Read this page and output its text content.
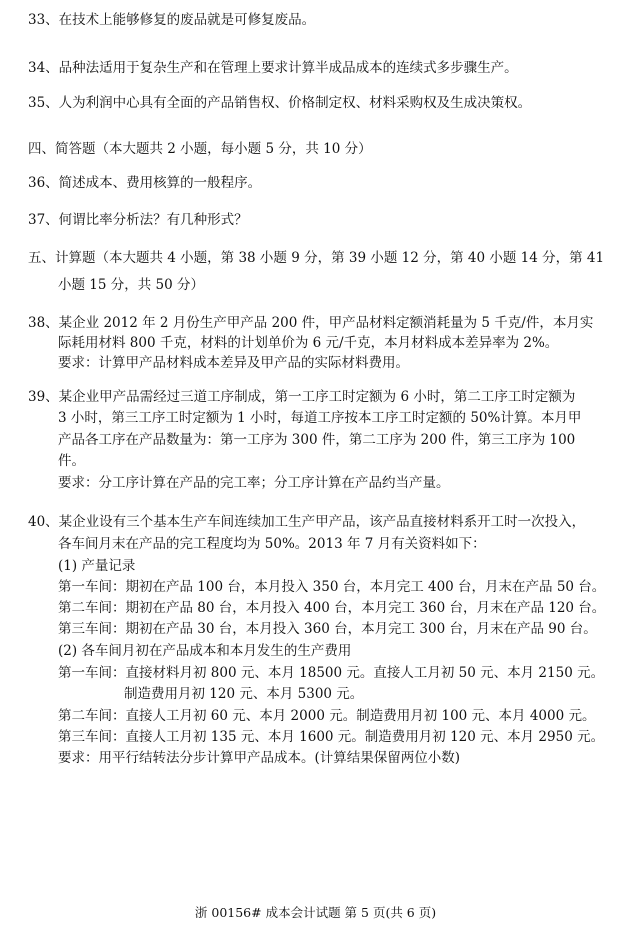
33、在技术上能够修复的废品就是可修复废品。
34、品种法适用于复杂生产和在管理上要求计算半成品成本的连续式多步骤生产。
35、人为利润中心具有全面的产品销售权、价格制定权、材料采购权及生成决策权。
四、简答题（本大题共 2 小题，每小题 5 分，共 10 分）
36、简述成本、费用核算的一般程序。
37、何谓比率分析法？有几种形式？
五、计算题（本大题共 4 小题，第 38 小题 9 分，第 39 小题 12 分，第 40 小题 14 分，第 41
小题 15 分，共 50 分）
38、某企业 2012 年 2 月份生产甲产品 200 件，甲产品材料定额消耗量为 5 千克/件，本月实
际耗用材料 800 千克，材料的计划单价为 6 元/千克，本月材料成本差异率为 2%。
要求：计算甲产品材料成本差异及甲产品的实际材料费用。
39、某企业甲产品需经过三道工序制成，第一工序工时定额为 6 小时，第二工序工时定额为
3 小时，第三工序工时定额为 1 小时，每道工序按本工序工时定额的 50%计算。本月甲
产品各工序在产品数量为：第一工序为 300 件，第二工序为 200 件，第三工序为 100
件。
要求：分工序计算在产品的完工率；分工序计算在产品约当产量。
40、某企业设有三个基本生产车间连续加工生产甲产品，该产品直接材料系开工时一次投入，
各车间月末在产品的完工程度均为 50%。2013 年 7 月有关资料如下：
(1) 产量记录
第一车间：期初在产品 100 台，本月投入 350 台，本月完工 400 台，月末在产品 50 台。
第二车间：期初在产品 80 台，本月投入 400 台，本月完工 360 台，月末在产品 120 台。
第三车间：期初在产品 30 台，本月投入 360 台，本月完工 300 台，月末在产品 90 台。
(2) 各车间月初在产品成本和本月发生的生产费用
第一车间：直接材料月初 800 元、本月 18500 元。直接人工月初 50 元、本月 2150 元。
制造费用月初 120 元、本月 5300 元。
第二车间：直接人工月初 60 元、本月 2000 元。制造费用月初 100 元、本月 4000 元。
第三车间：直接人工月初 135 元、本月 1600 元。制造费用月初 120 元、本月 2950 元。
要求：用平行结转法分步计算甲产品成本。(计算结果保留两位小数)
浙 00156# 成本会计试题 第 5 页(共 6 页)
